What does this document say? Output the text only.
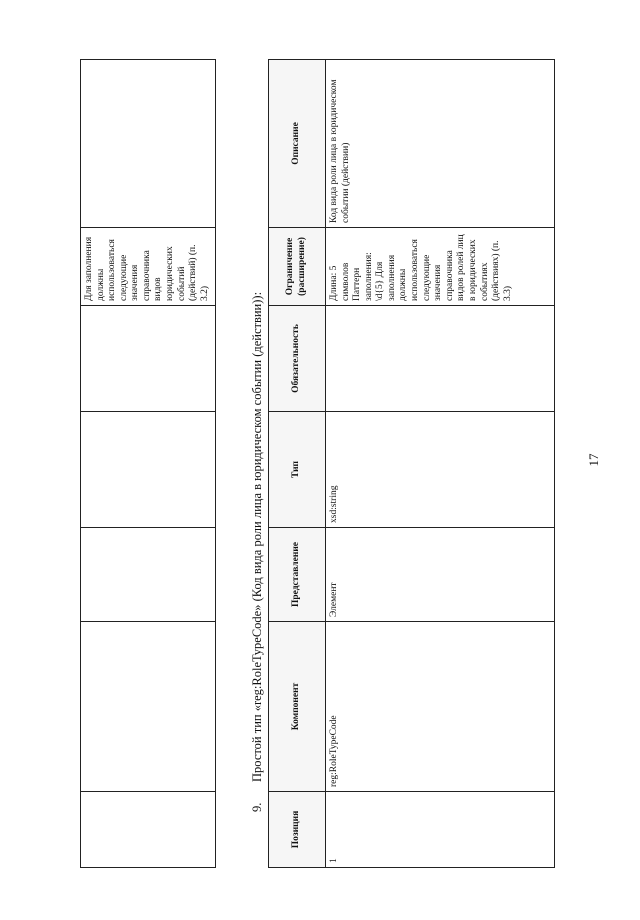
17
					Для заполнения должны использоваться следующие значения справочника видов юридических событий (действий) (п. 3.2)	
9.Простой тип «reg:RoleTypeCode» (Код вида роли лица в юридическом событии (действии)):
Позиция	Компонент	Представление	Тип	Обязательность	Ограничение (расширение)	Описание
1	reg:RoleTypeCode	Элемент	xsd:string		Длина: 5 символов Паттерн заполнения: \d{5} Для заполнения должны использоваться следующие значения справочника видов ролей лиц в юридических событиях (действиях) (п. 3.3)	Код вида роли лица в юридическом событии (действии)
